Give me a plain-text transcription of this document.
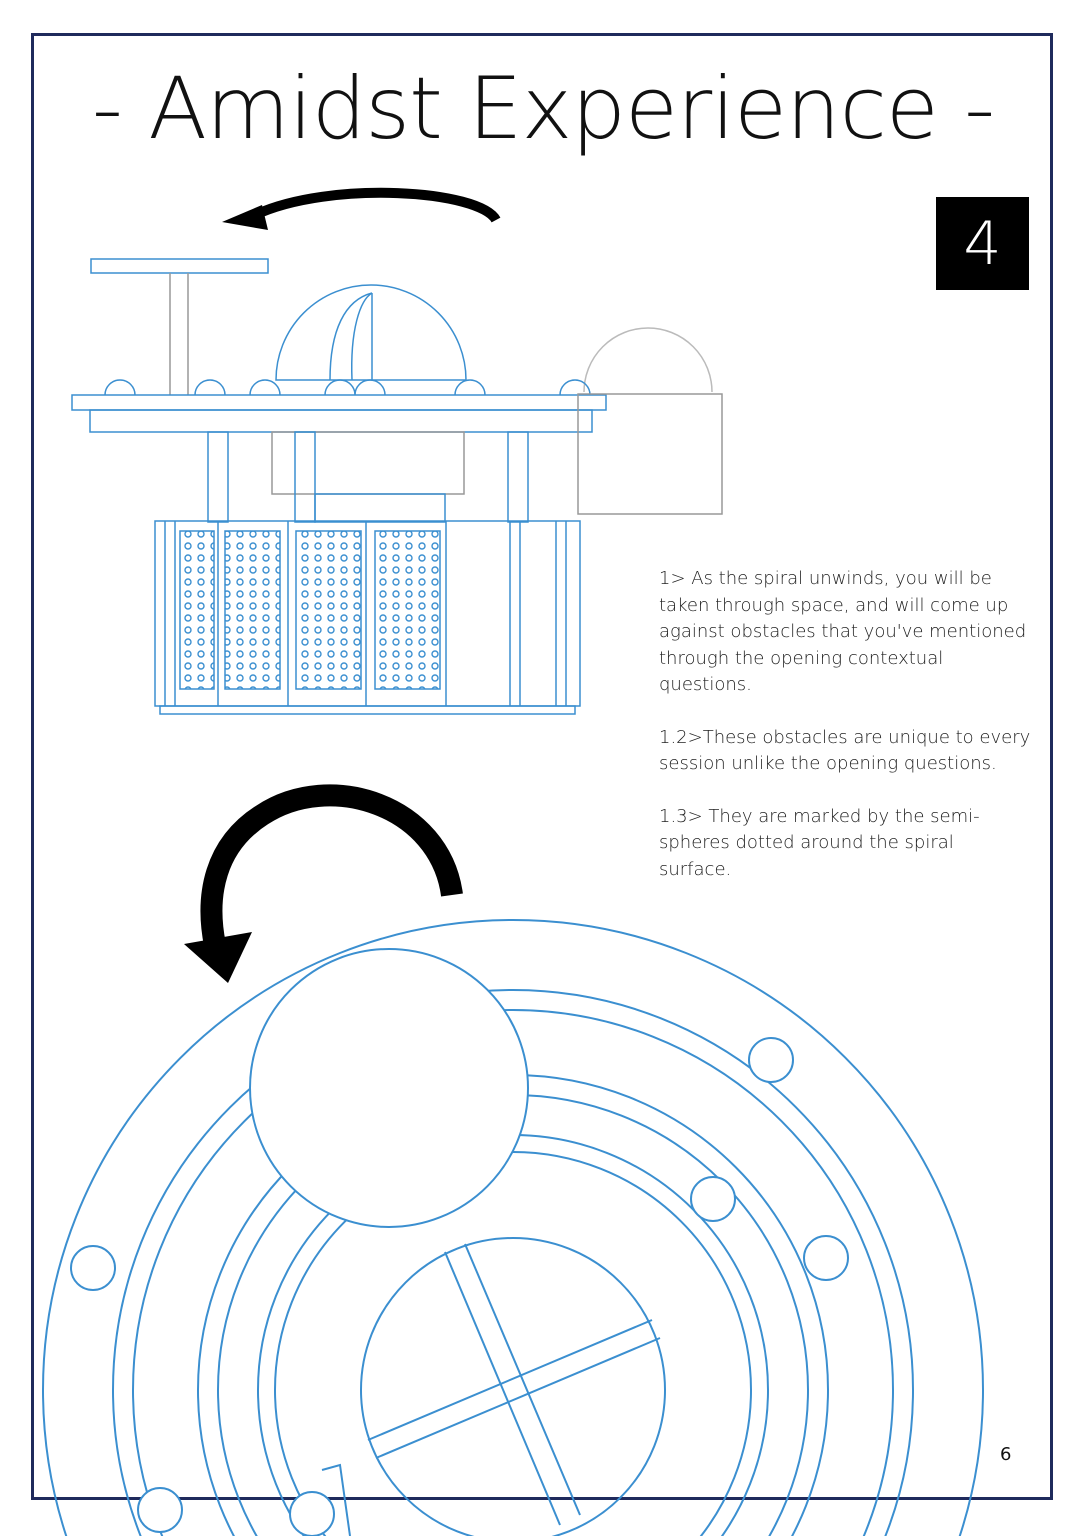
- Amidst Experience -
4

1> As the spiral unwinds, you will be taken through space, and will come up against obstacles that you've mentioned through the opening contextual questions.

1.2>These obstacles are unique to every session unlike the opening questions.

1.3> They are marked by the semi-spheres dotted around the spiral surface.

6
